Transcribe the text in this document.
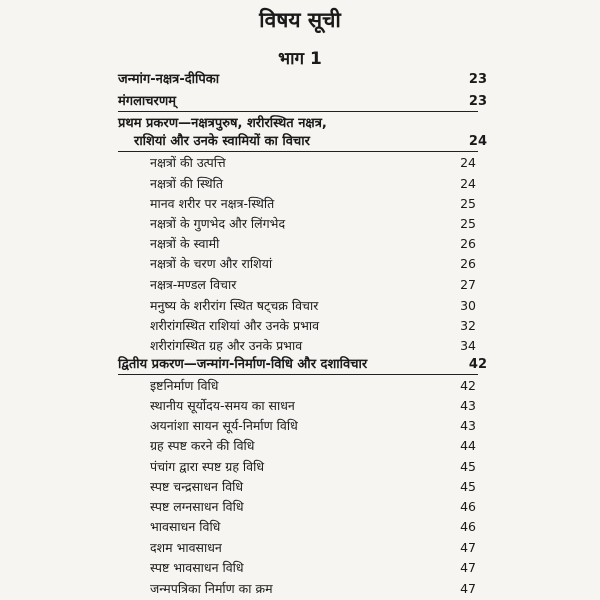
विषय सूची
भाग 1
जन्मांग-नक्षत्र-दीपिका	23
मंगलाचरणम्	23
प्रथम प्रकरण—नक्षत्रपुरुष, शरीरस्थित नक्षत्र,
राशियां और उनके स्वामियों का विचार	24
नक्षत्रों की उत्पत्ति	24
नक्षत्रों की स्थिति	24
मानव शरीर पर नक्षत्र-स्थिति	25
नक्षत्रों के गुणभेद और लिंगभेद	25
नक्षत्रों के स्वामी	26
नक्षत्रों के चरण और राशियां	26
नक्षत्र-मण्डल विचार	27
मनुष्य के शरीरांग स्थित षट्चक्र विचार	30
शरीरांगस्थित राशियां और उनके प्रभाव	32
शरीरांगस्थित ग्रह और उनके प्रभाव	34
द्वितीय प्रकरण—जन्मांग-निर्माण-विधि और दशाविचार	42
इष्टनिर्माण विधि	42
स्थानीय सूर्योदय-समय का साधन	43
अयनांशा सायन सूर्य-निर्माण विधि	43
ग्रह स्पष्ट करने की विधि	44
पंचांग द्वारा स्पष्ट ग्रह विधि	45
स्पष्ट चन्द्रसाधन विधि	45
स्पष्ट लग्नसाधन विधि	46
भावसाधन विधि	46
दशम भावसाधन	47
स्पष्ट भावसाधन विधि	47
जन्मपत्रिका निर्माण का क्रम	47
